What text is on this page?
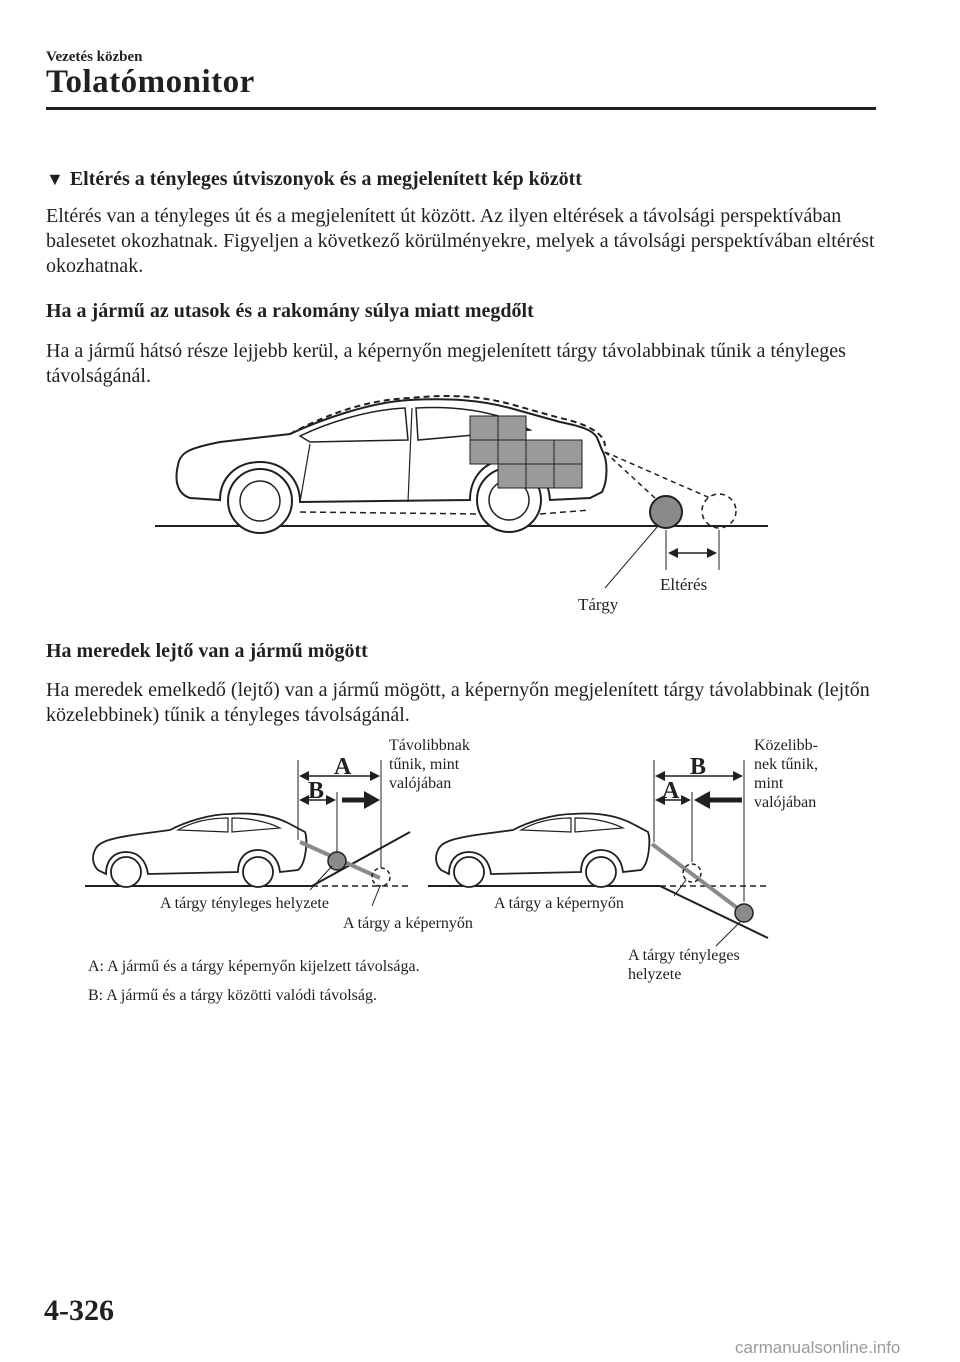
Vezetés közben
Tolatómonitor
▼ Eltérés a tényleges útviszonyok és a megjelenített kép között
Eltérés van a tényleges út és a megjelenített út között. Az ilyen eltérések a távolsági perspektívában balesetet okozhatnak. Figyeljen a következő körülményekre, melyek a távolsági perspektívában eltérést okozhatnak.
Ha a jármű az utasok és a rakomány súlya miatt megdőlt
Ha a jármű hátsó része lejjebb kerül, a képernyőn megjelenített tárgy távolabbinak tűnik a tényleges távolságánál.
Eltérés
Tárgy
Ha meredek lejtő van a jármű mögött
Ha meredek emelkedő (lejtő) van a jármű mögött, a képernyőn megjelenített tárgy távolabbinak (lejtőn közelebbinek) tűnik a tényleges távolságánál.
A
B
Távolibbnak
tűnik, mint
valójában
A tárgy tényleges helyzete
A tárgy a képernyőn
B
A
Közelibb-
nek tűnik,
mint
valójában
A tárgy a képernyőn
A tárgy tényleges
helyzete
A: A jármű és a tárgy képernyőn kijelzett távolsága.
B: A jármű és a tárgy közötti valódi távolság.
4-326
carmanualsonline.info
